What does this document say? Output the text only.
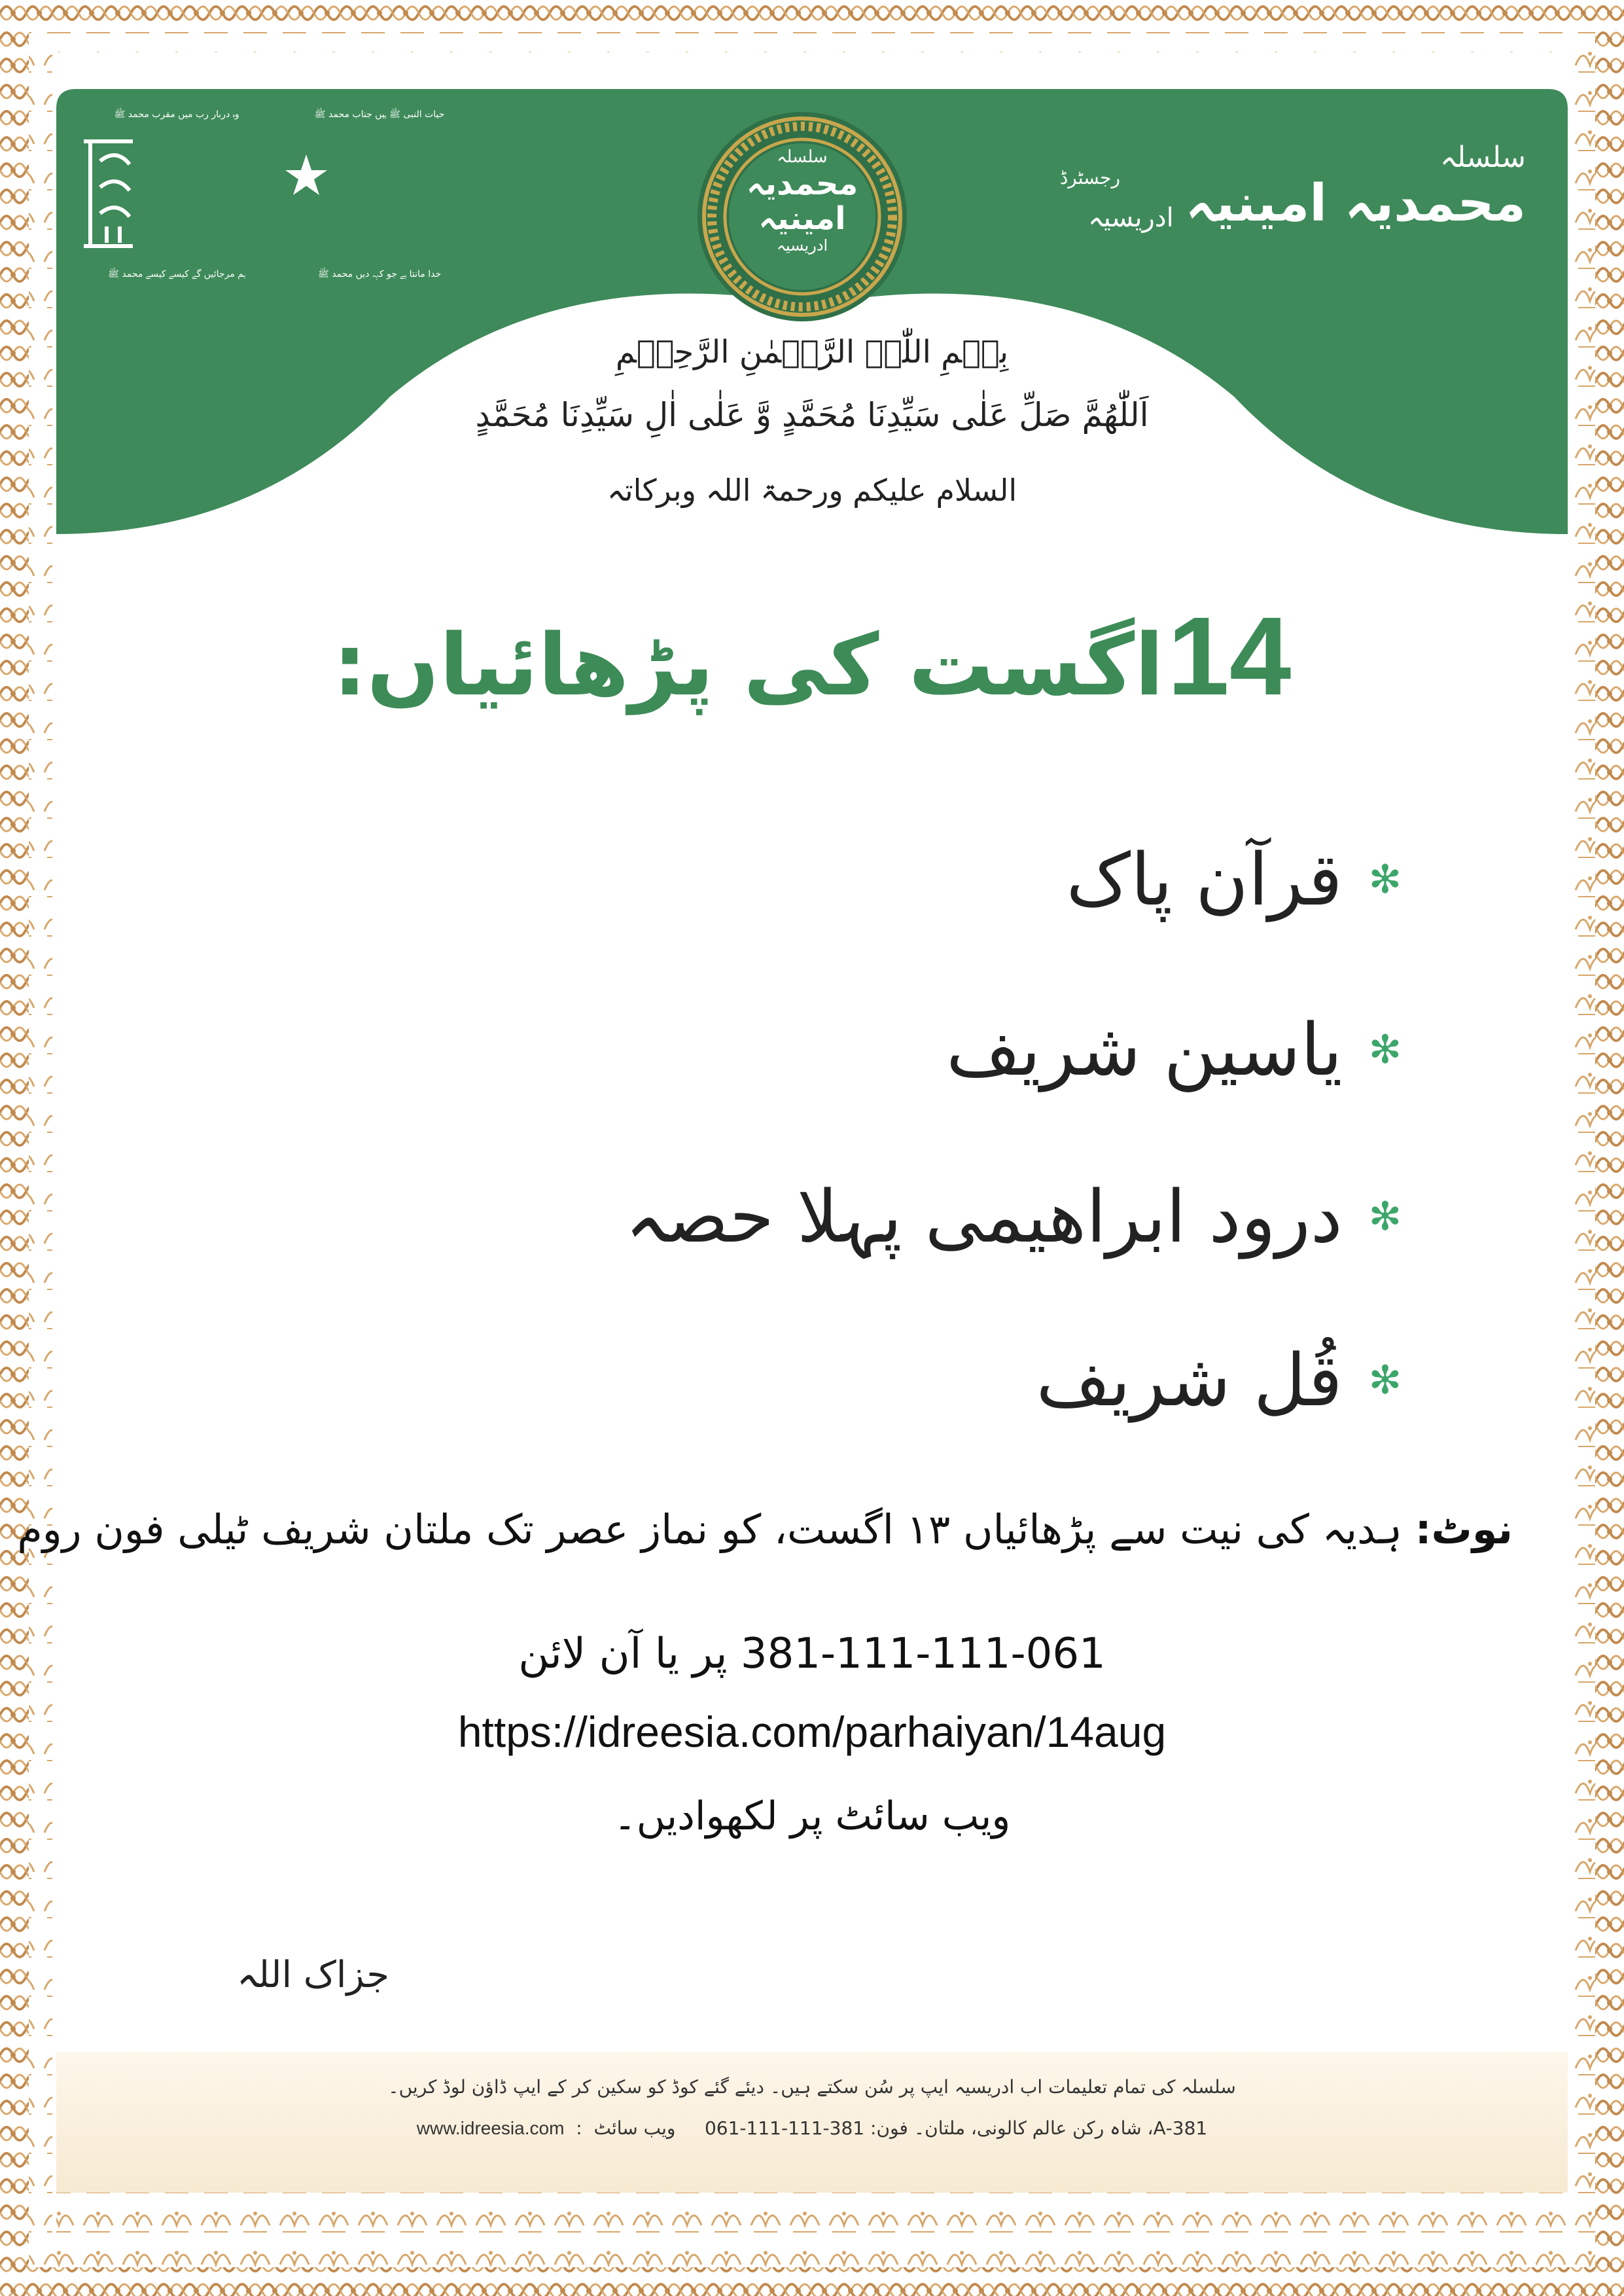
سلسلہ
محمدیہ امینیہ
ادریسیہ
رجسٹرڈ
وہ دربار رب میں مقرب محمد ﷺ	حیات النبی ﷺ ہیں جناب محمد ﷺ
ہم مرجائیں گے کیسے کیسے محمد ﷺ	خدا مانتا ہے جو کہہ دیں محمد ﷺ
سلسلہ
محمدیہ
امینیہ
ادریسیہ
بِسۡمِ اللّٰہِ الرَّحۡمٰنِ الرَّحِیۡمِ
اَللّٰھُمَّ صَلِّ عَلٰی سَیِّدِنَا مُحَمَّدٍ وَّ عَلٰی اٰلِ سَیِّدِنَا مُحَمَّدٍ
السلام علیکم ورحمۃ اللہ وبرکاتہ
14 اگست کی پڑھائیاں:
✻
قرآن پاک
✻
یاسین شریف
✻
درود ابراھیمی پہلا حصہ
✻
قُل شریف
نوٹ: ہدیہ کی نیت سے پڑھائیاں ۱۳ اگست، کو نماز عصر تک ملتان شریف ٹیلی فون روم
381-111-111-061 پر یا آن لائن
https://idreesia.com/parhaiyan/14aug
ویب سائٹ پر لکھوادیں۔
جزاک اللہ
سلسلہ کی تمام تعلیمات اب ادریسیہ ایپ پر سُن سکتے ہیں۔ دیئے گئے کوڈ کو سکین کر کے ایپ ڈاؤن لوڈ کریں۔
381-A، شاہ رکن عالم کالونی، ملتان۔ فون: 381-111-111-061     ویب سائٹ  :  www.idreesia.com
